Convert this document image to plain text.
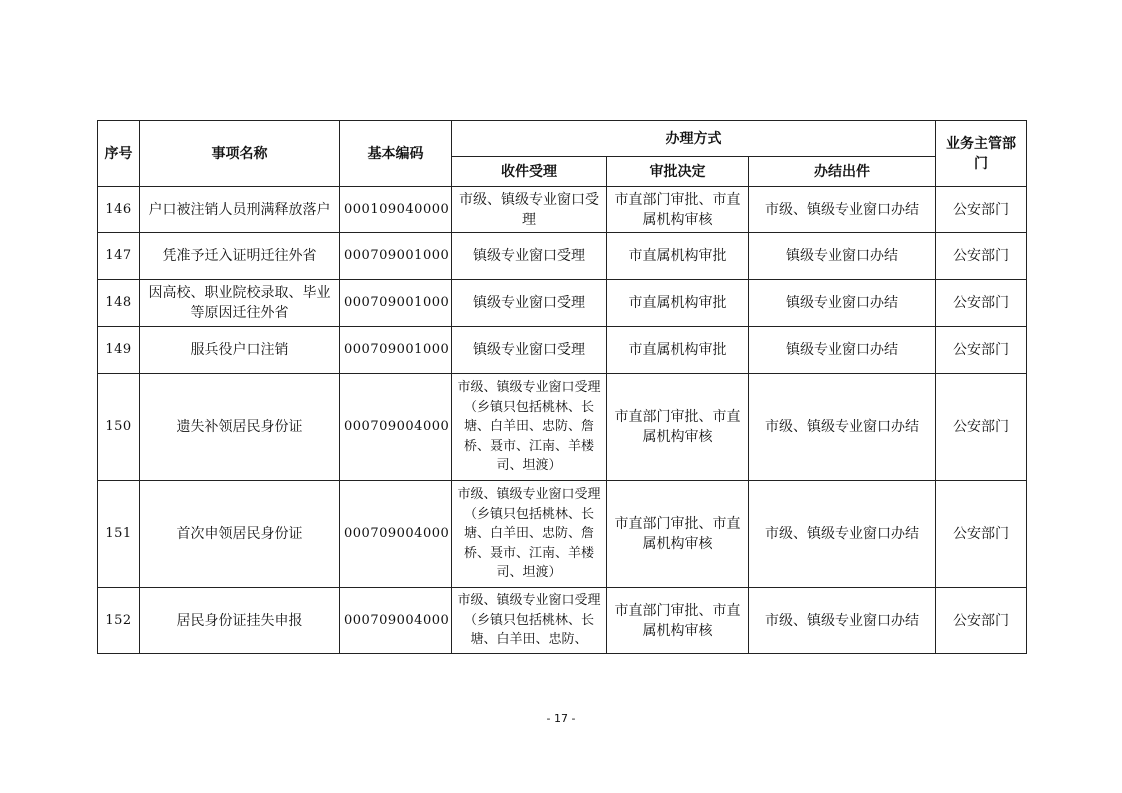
序号	事项名称	基本编码	办理方式			业务主管部门
			收件受理	审批决定	办结出件	
146	户口被注销人员刑满释放落户	000109040000	市级、镇级专业窗口受理	市直部门审批、市直属机构审核	市级、镇级专业窗口办结	公安部门
147	凭准予迁入证明迁往外省	000709001000	镇级专业窗口受理	市直属机构审批	镇级专业窗口办结	公安部门
148	因高校、职业院校录取、毕业等原因迁往外省	000709001000	镇级专业窗口受理	市直属机构审批	镇级专业窗口办结	公安部门
149	服兵役户口注销	000709001000	镇级专业窗口受理	市直属机构审批	镇级专业窗口办结	公安部门
150	遗失补领居民身份证	000709004000	市级、镇级专业窗口受理（乡镇只包括桃林、长塘、白羊田、忠防、詹桥、聂市、江南、羊楼司、坦渡）	市直部门审批、市直属机构审核	市级、镇级专业窗口办结	公安部门
151	首次申领居民身份证	000709004000	市级、镇级专业窗口受理（乡镇只包括桃林、长塘、白羊田、忠防、詹桥、聂市、江南、羊楼司、坦渡）	市直部门审批、市直属机构审核	市级、镇级专业窗口办结	公安部门
152	居民身份证挂失申报	000709004000	市级、镇级专业窗口受理（乡镇只包括桃林、长塘、白羊田、忠防、	市直部门审批、市直属机构审核	市级、镇级专业窗口办结	公安部门
- 17 -
